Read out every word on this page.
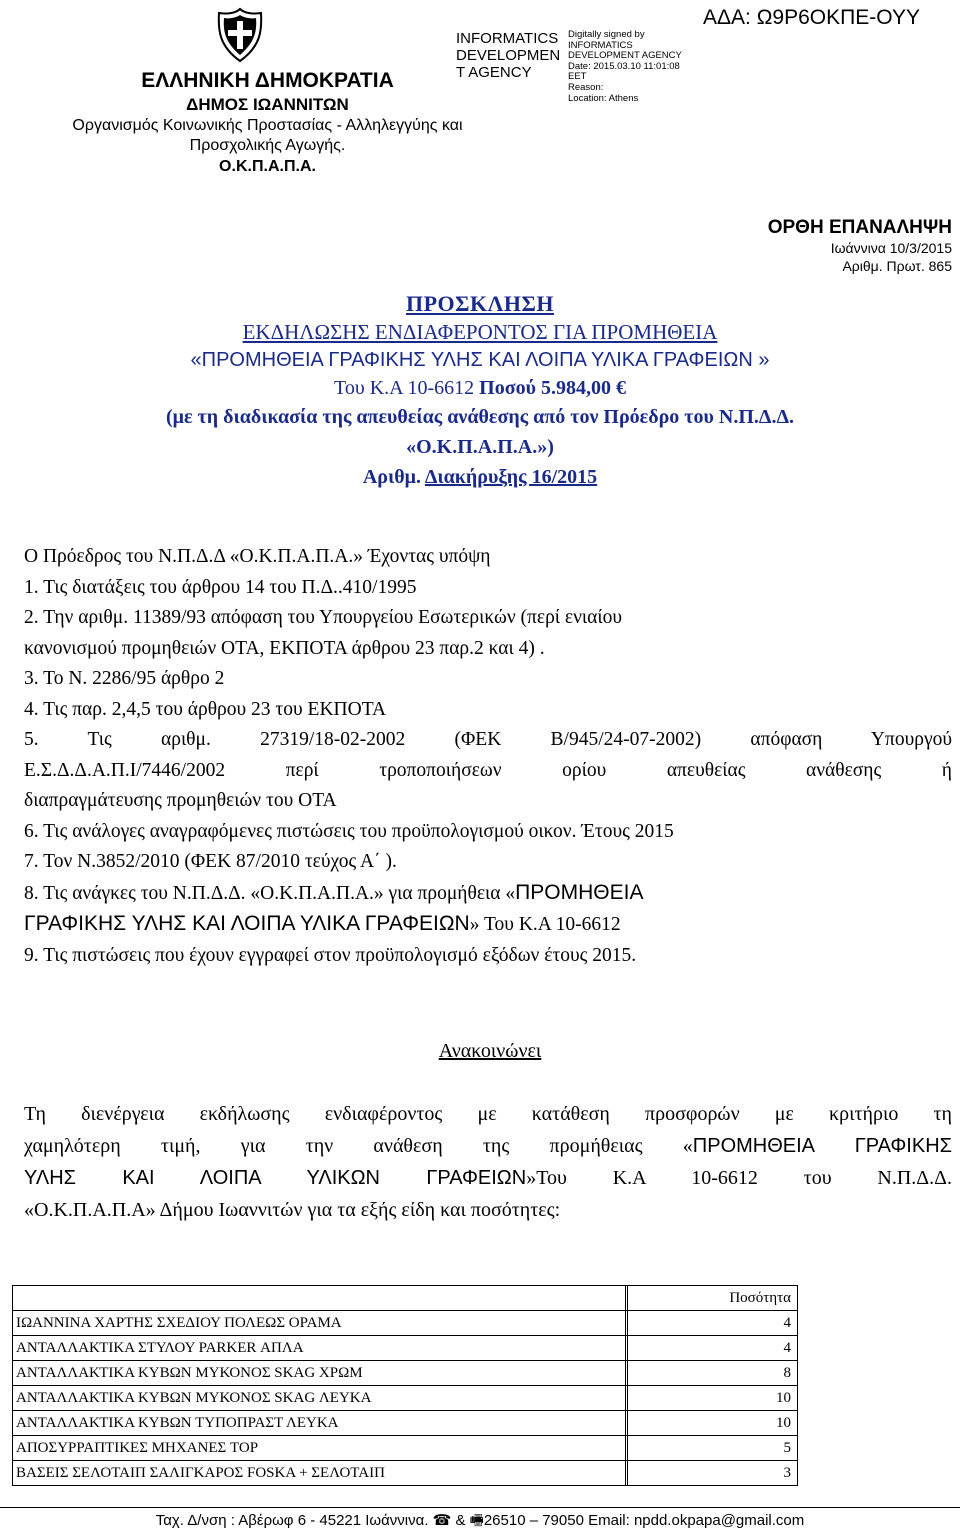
ΕΛΛΗΝΙΚΗ ΔΗΜΟΚΡΑΤΙΑ
ΔΗΜΟΣ ΙΩΑΝΝΙΤΩΝ
Οργανισμός Κοινωνικής Προστασίας - Αλληλεγγύης και
Προσχολικής Αγωγής.
Ο.Κ.Π.Α.Π.Α.
INFORMATICS
DEVELOPMEN
T AGENCY
Digitally signed by
INFORMATICS
DEVELOPMENT AGENCY
Date: 2015.03.10 11:01:08
EET
Reason:
Location: Athens
ΑΔΑ: Ω9Ρ6ΟΚΠΕ-ΟΥΥ
ΟΡΘΗ ΕΠΑΝΑΛΗΨΗ
Ιωάννινα 10/3/2015
Αριθμ. Πρωτ. 865
ΠΡΟΣΚΛΗΣΗ
ΕΚΔΗΛΩΣΗΣ ΕΝΔΙΑΦΕΡΟΝΤΟΣ ΓΙΑ ΠΡΟΜΗΘΕΙΑ
«ΠΡΟΜΗΘΕΙΑ ΓΡΑΦΙΚΗΣ ΥΛΗΣ ΚΑΙ ΛΟΙΠΑ ΥΛΙΚΑ ΓΡΑΦΕΙΩΝ »
Του Κ.Α 10-6612 Ποσού 5.984,00 €
(με τη διαδικασία της απευθείας ανάθεσης από τον Πρόεδρο του Ν.Π.Δ.Δ.
«Ο.Κ.Π.Α.Π.Α.»)
Αριθμ. Διακήρυξης 16/2015

Ο Πρόεδρος του Ν.Π.Δ.Δ «Ο.Κ.Π.Α.Π.Α.» Έχοντας υπόψη

1. Τις διατάξεις του άρθρου 14 του Π.Δ..410/1995

2. Την αριθμ. 11389/93 απόφαση του Υπουργείου Εσωτερικών (περί ενιαίου

κανονισμού προμηθειών ΟΤΑ, ΕΚΠΟΤΑ άρθρου 23 παρ.2 και 4) .

3. Το Ν. 2286/95 άρθρο 2

4. Τις παρ. 2,4,5 του άρθρου 23 του ΕΚΠΟΤΑ

5. Τις αριθμ. 27319/18-02-2002 (ΦΕΚ Β/945/24-07-2002) απόφαση Υπουργού

Ε.Σ.Δ.Δ.Α.Π.Ι/7446/2002 περί τροποποιήσεων ορίου απευθείας ανάθεσης ή

διαπραγμάτευσης προμηθειών του ΟΤΑ

6. Τις ανάλογες αναγραφόμενες πιστώσεις του προϋπολογισμού οικον. Έτους 2015

7. Τον Ν.3852/2010 (ΦΕΚ 87/2010 τεύχος Α΄ ).

8. Τις ανάγκες του Ν.Π.Δ.Δ. «Ο.Κ.Π.Α.Π.Α.» για προμήθεια «ΠΡΟΜΗΘΕΙΑ

ΓΡΑΦΙΚΗΣ ΥΛΗΣ ΚΑΙ ΛΟΙΠΑ ΥΛΙΚΑ ΓΡΑΦΕΙΩΝ» Του Κ.Α 10-6612

9. Τις πιστώσεις που έχουν εγγραφεί στον προϋπολογισμό εξόδων έτους 2015.

Ανακοινώνει

Τη διενέργεια εκδήλωσης ενδιαφέροντος με κατάθεση προσφορών με κριτήριο τη

χαμηλότερη τιμή, για την ανάθεση της προμήθειας «ΠΡΟΜΗΘΕΙΑ ΓΡΑΦΙΚΗΣ

ΥΛΗΣ ΚΑΙ ΛΟΙΠΑ ΥΛΙΚΩΝ ΓΡΑΦΕΙΩΝ»Του Κ.Α 10-6612 του Ν.Π.Δ.Δ.

«Ο.Κ.Π.Α.Π.Α» Δήμου Ιωαννιτών για τα εξής είδη και ποσότητες:

		Ποσότητα
ΙΩΑΝΝΙΝΑ ΧΑΡΤΗΣ ΣΧΕΔΙΟΥ ΠΟΛΕΩΣ ΟΡΑΜΑ		4
ΑΝΤΑΛΛΑΚΤΙΚΑ ΣΤΥΛΟΥ PARKER ΑΠΛΑ		4
ΑΝΤΑΛΛΑΚΤΙΚΑ ΚΥΒΩΝ ΜΥΚΟΝΟΣ SKAG ΧΡΩΜ		8
ΑΝΤΑΛΛΑΚΤΙΚΑ ΚΥΒΩΝ ΜΥΚΟΝΟΣ SKAG ΛΕΥΚΑ		10
ΑΝΤΑΛΛΑΚΤΙΚΑ ΚΥΒΩΝ ΤΥΠΟΠΡΑΣΤ ΛΕΥΚΑ		10
ΑΠΟΣΥΡΡΑΠΤΙΚΕΣ ΜΗΧΑΝΕΣ TOP		5
ΒΑΣΕΙΣ ΣΕΛΟΤΑΙΠ ΣΑΛΙΓΚΑΡΟΣ FOSKA + ΣΕΛΟΤΑΙΠ		3
Ταχ. Δ/νση : Αβέρωφ 6 - 45221 Ιωάννινα. ☎ & 🖷26510 – 79050 Email: npdd.okpapa@gmail.com
